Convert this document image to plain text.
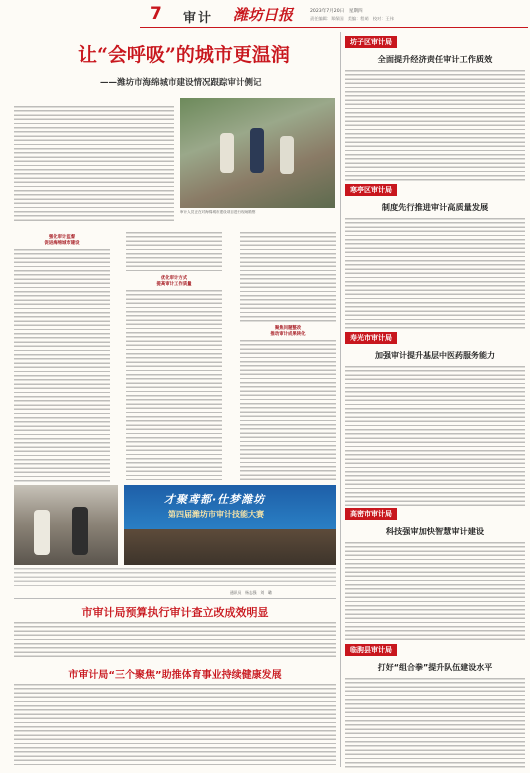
7 审计 潍坊日报	2023年7月20日　星期四
责任编辑：郑保国　美编：程萌　校对：王伟
让“会呼吸”的城市更温润
——潍坊市海绵城市建设情况跟踪审计侧记
审计人员正在对海绵城市建设项目进行现场勘察
强化审计监督
促进海绵城市建设
优化审计方式
提高审计工作质量
聚焦问题整改
推动审计成果转化
才聚鸢都·仕梦潍坊
第四届潍坊市审计技能大赛
通讯员　杨志强　刘　璐
坊子区审计局
全面提升经济责任审计工作质效
寒亭区审计局
制度先行推进审计高质量发展
寿光市审计局
加强审计提升基层中医药服务能力
高密市审计局
科技强审加快智慧审计建设
临朐县审计局
打好“组合拳”提升队伍建设水平
市审计局预算执行审计查立改成效明显
市审计局“三个聚焦”助推体育事业持续健康发展
